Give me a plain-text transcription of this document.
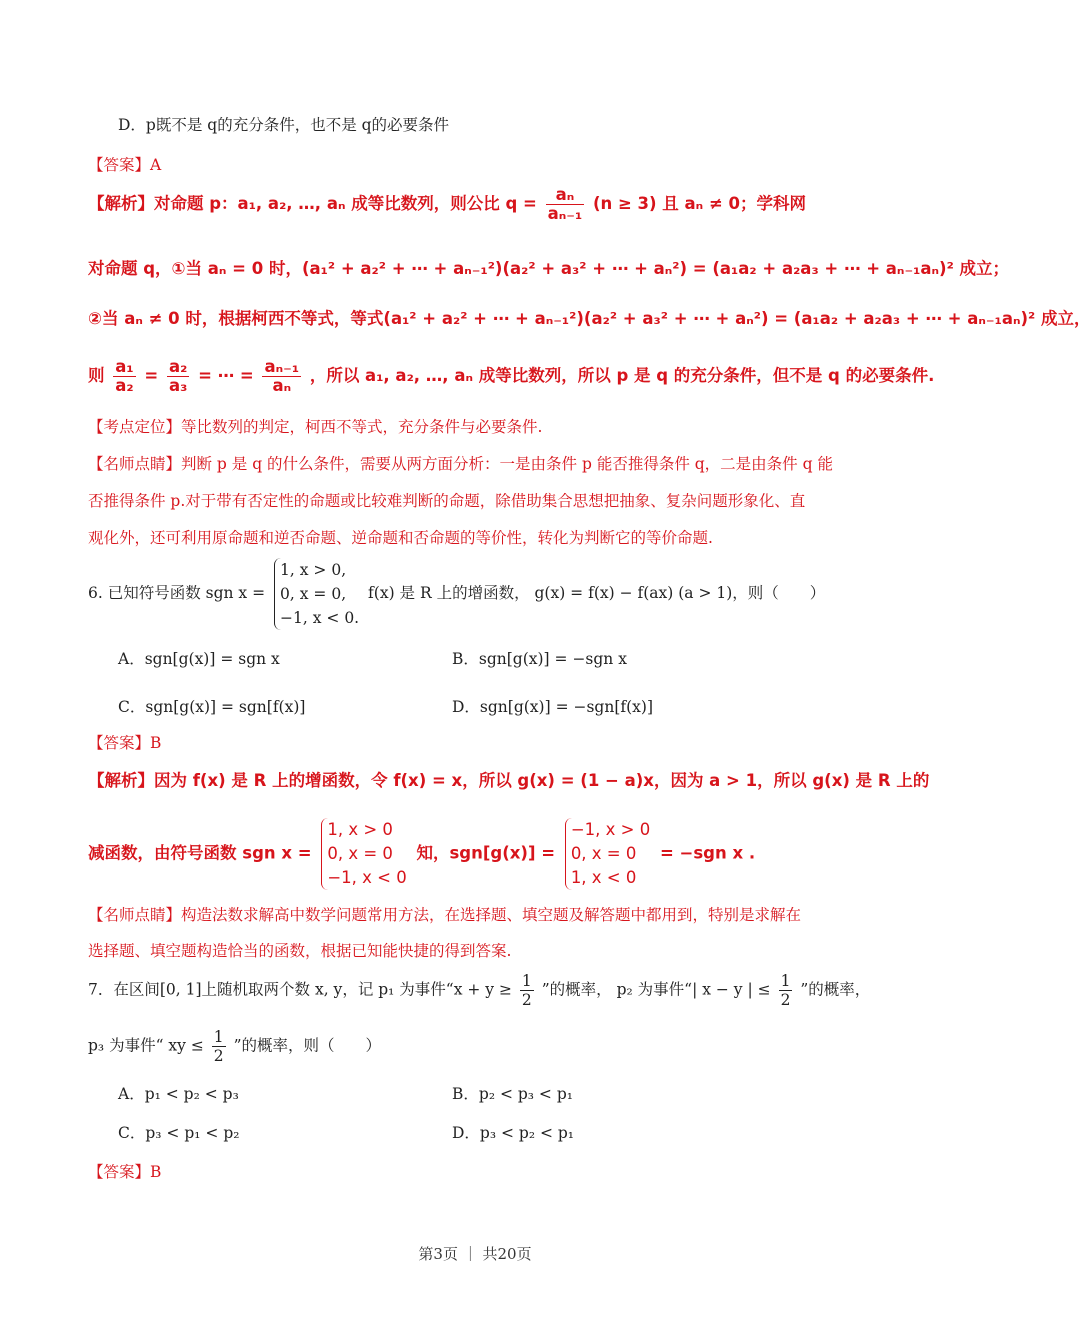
D．p既不是 q的充分条件，也不是 q的必要条件
【答案】A
【解析】对命题 p：a₁, a₂, …, aₙ 成等比数列，则公比 $q = \frac{\text{aₙ}}{\text{aₙ₋₁}} (n \ge 3)$ 且 aₙ ≠ 0；学科网
对命题 q，①当 aₙ = 0 时，(a₁² + a₂² + ⋯ + aₙ₋₁²)(a₂² + a₃² + ⋯ + aₙ²) = (a₁a₂ + a₂a₃ + ⋯ + aₙ₋₁aₙ)² 成立；
②当 aₙ ≠ 0 时，根据柯西不等式，等式(a₁² + a₂² + ⋯ + aₙ₋₁²)(a₂² + a₃² + ⋯ + aₙ²) = (a₁a₂ + a₂a₃ + ⋯ + aₙ₋₁aₙ)² 成立，
则 $\frac{\text{a₁}}{\text{a₂}} = \frac{\text{a₂}}{\text{a₃}}$ = ⋯ = $\frac{\text{aₙ₋₁}}{\text{aₙ}}$ ，所以 a₁, a₂, …, aₙ 成等比数列，所以 p 是 q 的充分条件，但不是 q 的必要条件.
【考点定位】等比数列的判定，柯西不等式，充分条件与必要条件.
【名师点睛】判断 p 是 q 的什么条件，需要从两方面分析：一是由条件 p 能否推得条件 q，二是由条件 q 能
否推得条件 p.对于带有否定性的命题或比较难判断的命题，除借助集合思想把抽象、复杂问题形象化、直
观化外，还可利用原命题和逆否命题、逆命题和否命题的等价性，转化为判断它的等价命题.
6. 已知符号函数 sgn x =
1, x > 0,
0, x = 0,
−1, x < 0.
f(x) 是 R 上的增函数， g(x) = f(x) − f(ax) (a > 1)，则（　　）
A．sgn[g(x)] = sgn x	B．sgn[g(x)] = −sgn x
C．sgn[g(x)] = sgn[f(x)]	D．sgn[g(x)] = −sgn[f(x)]
【答案】B
【解析】因为 f(x) 是 R 上的增函数，令 f(x) = x，所以 g(x) = (1 − a)x，因为 a > 1，所以 g(x) 是 R 上的
减函数，由符号函数 sgn x =
1, x > 0
0, x = 0
−1, x < 0
知，sgn[g(x)] =
−1, x > 0
0, x = 0
1, x < 0
= −sgn x .
【名师点睛】构造法数求解高中数学问题常用方法，在选择题、填空题及解答题中都用到，特别是求解在
选择题、填空题构造恰当的函数，根据已知能快捷的得到答案.
7．在区间[0, 1]上随机取两个数 x, y，记 p₁ 为事件“$x + y \ge \frac{1}{2}$ ”的概率， p₂ 为事件“| x − y | ≤ $\frac{1}{2}$ ”的概率，
p₃ 为事件“ xy ≤ $\frac{1}{2}$ ”的概率，则（　　）
A．p₁ < p₂ < p₃	B．p₂ < p₃ < p₁
C．p₃ < p₁ < p₂	D．p₃ < p₂ < p₁
【答案】B
第3页 ｜ 共20页
